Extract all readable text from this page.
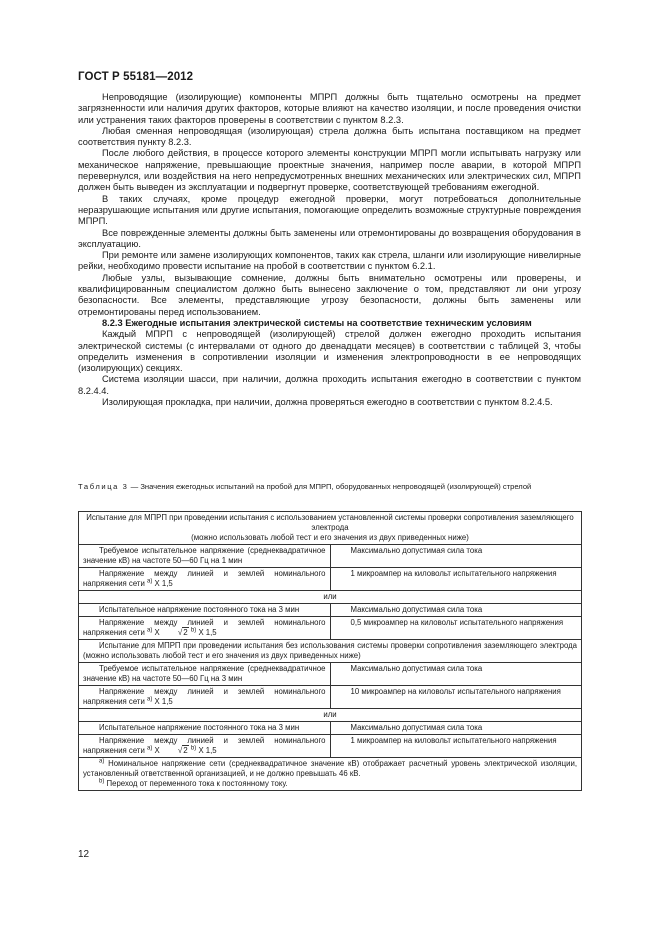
ГОСТ Р 55181—2012

Непроводящие (изолирующие) компоненты МПРП должны быть тщательно осмотрены на предмет загрязненности или наличия других факторов, которые влияют на качество изоляции, и после проведения очистки или устранения таких факторов проверены в соответствии с пунктом 8.2.3.

Любая сменная непроводящая (изолирующая) стрела должна быть испытана поставщиком на предмет соответствия пункту 8.2.3.

После любого действия, в процессе которого элементы конструкции МПРП могли испытывать нагрузку или механическое напряжение, превышающие проектные значения, например после аварии, в которой МПРП перевернулся, или воздействия на него непредусмотренных внешних механических или электрических сил, МПРП должен быть выведен из эксплуатации и подвергнут проверке, соответствующей требованиям ежегодной.

В таких случаях, кроме процедур ежегодной проверки, могут потребоваться дополнительные неразрушающие испытания или другие испытания, помогающие определить возможные структурные повреждения МПРП.

Все поврежденные элементы должны быть заменены или отремонтированы до возвращения оборудования в эксплуатацию.

При ремонте или замене изолирующих компонентов, таких как стрела, шланги или изолирующие нивелирные рейки, необходимо провести испытание на пробой в соответствии с пунктом 6.2.1.

Любые узлы, вызывающие сомнение, должны быть внимательно осмотрены или проверены, и квалифицированным специалистом должно быть вынесено заключение о том, представляют ли они угрозу безопасности. Все элементы, представляющие угрозу безопасности, должны быть заменены или отремонтированы перед использованием.

8.2.3 Ежегодные испытания электрической системы на соответствие техническим условиям

Каждый МПРП с непроводящей (изолирующей) стрелой должен ежегодно проходить испытания электрической системы (с интервалами от одного до двенадцати месяцев) в соответствии с таблицей 3, чтобы определить изменения в сопротивлении изоляции и изменения электропроводности в ее непроводящих (изолирующих) секциях.

Система изоляции шасси, при наличии, должна проходить испытания ежегодно в соответствии с пунктом 8.2.4.4.

Изолирующая прокладка, при наличии, должна проверяться ежегодно в соответствии с пунктом 8.2.4.5.

Таблица 3 — Значения ежегодных испытаний на пробой для МПРП, оборудованных непроводящей (изолирующей) стрелой
Испытание для МПРП при проведении испытания с использованием установленной системы проверки сопротивления заземляющего электрода
(можно использовать любой тест и его значения из двух приведенных ниже)	
Требуемое испытательное напряжение (среднеквадратичное значение кВ) на частоте 50—60 Гц на 1 мин	Максимально допустимая сила тока
Напряжение между линией и землей номинального напряжения сети $^{а)}$ Х 1,5	1 микроампер на киловольт испытательного напряжения
или	
Испытательное напряжение постоянного тока на 3 мин	Максимально допустимая сила тока
Напряжение между линией и землей номинального напряжения сети $^{а)}$ Х √2 $^{b)}$ Х 1,5	0,5 микроампер на киловольт испытательного напряжения
Испытание для МПРП при проведении испытания без использования системы проверки сопротивления заземляющего электрода (можно использовать любой тест и его значения из двух приведенных ниже)	
Требуемое испытательное напряжение (среднеквадратичное значение кВ) на частоте 50—60 Гц на 3 мин	Максимально допустимая сила тока
Напряжение между линией и землей номинального напряжения сети $^{а)}$ Х 1,5	10 микроампер на киловольт испытательного напряжения
или	
Испытательное напряжение постоянного тока на 3 мин	Максимально допустимая сила тока
Напряжение между линией и землей номинального напряжения сети $^{а)}$ Х √2 $^{b)}$ Х 1,5	1 микроампер на киловольт испытательного напряжения

$^{а)}$ Номинальное напряжение сети (среднеквадратичное значение кВ) отображает расчетный уровень электрической изоляции, установленный ответственной организацией, и не должно превышать 46 кВ.
$^{b)}$ Переход от переменного тока к постоянному току.	
12
